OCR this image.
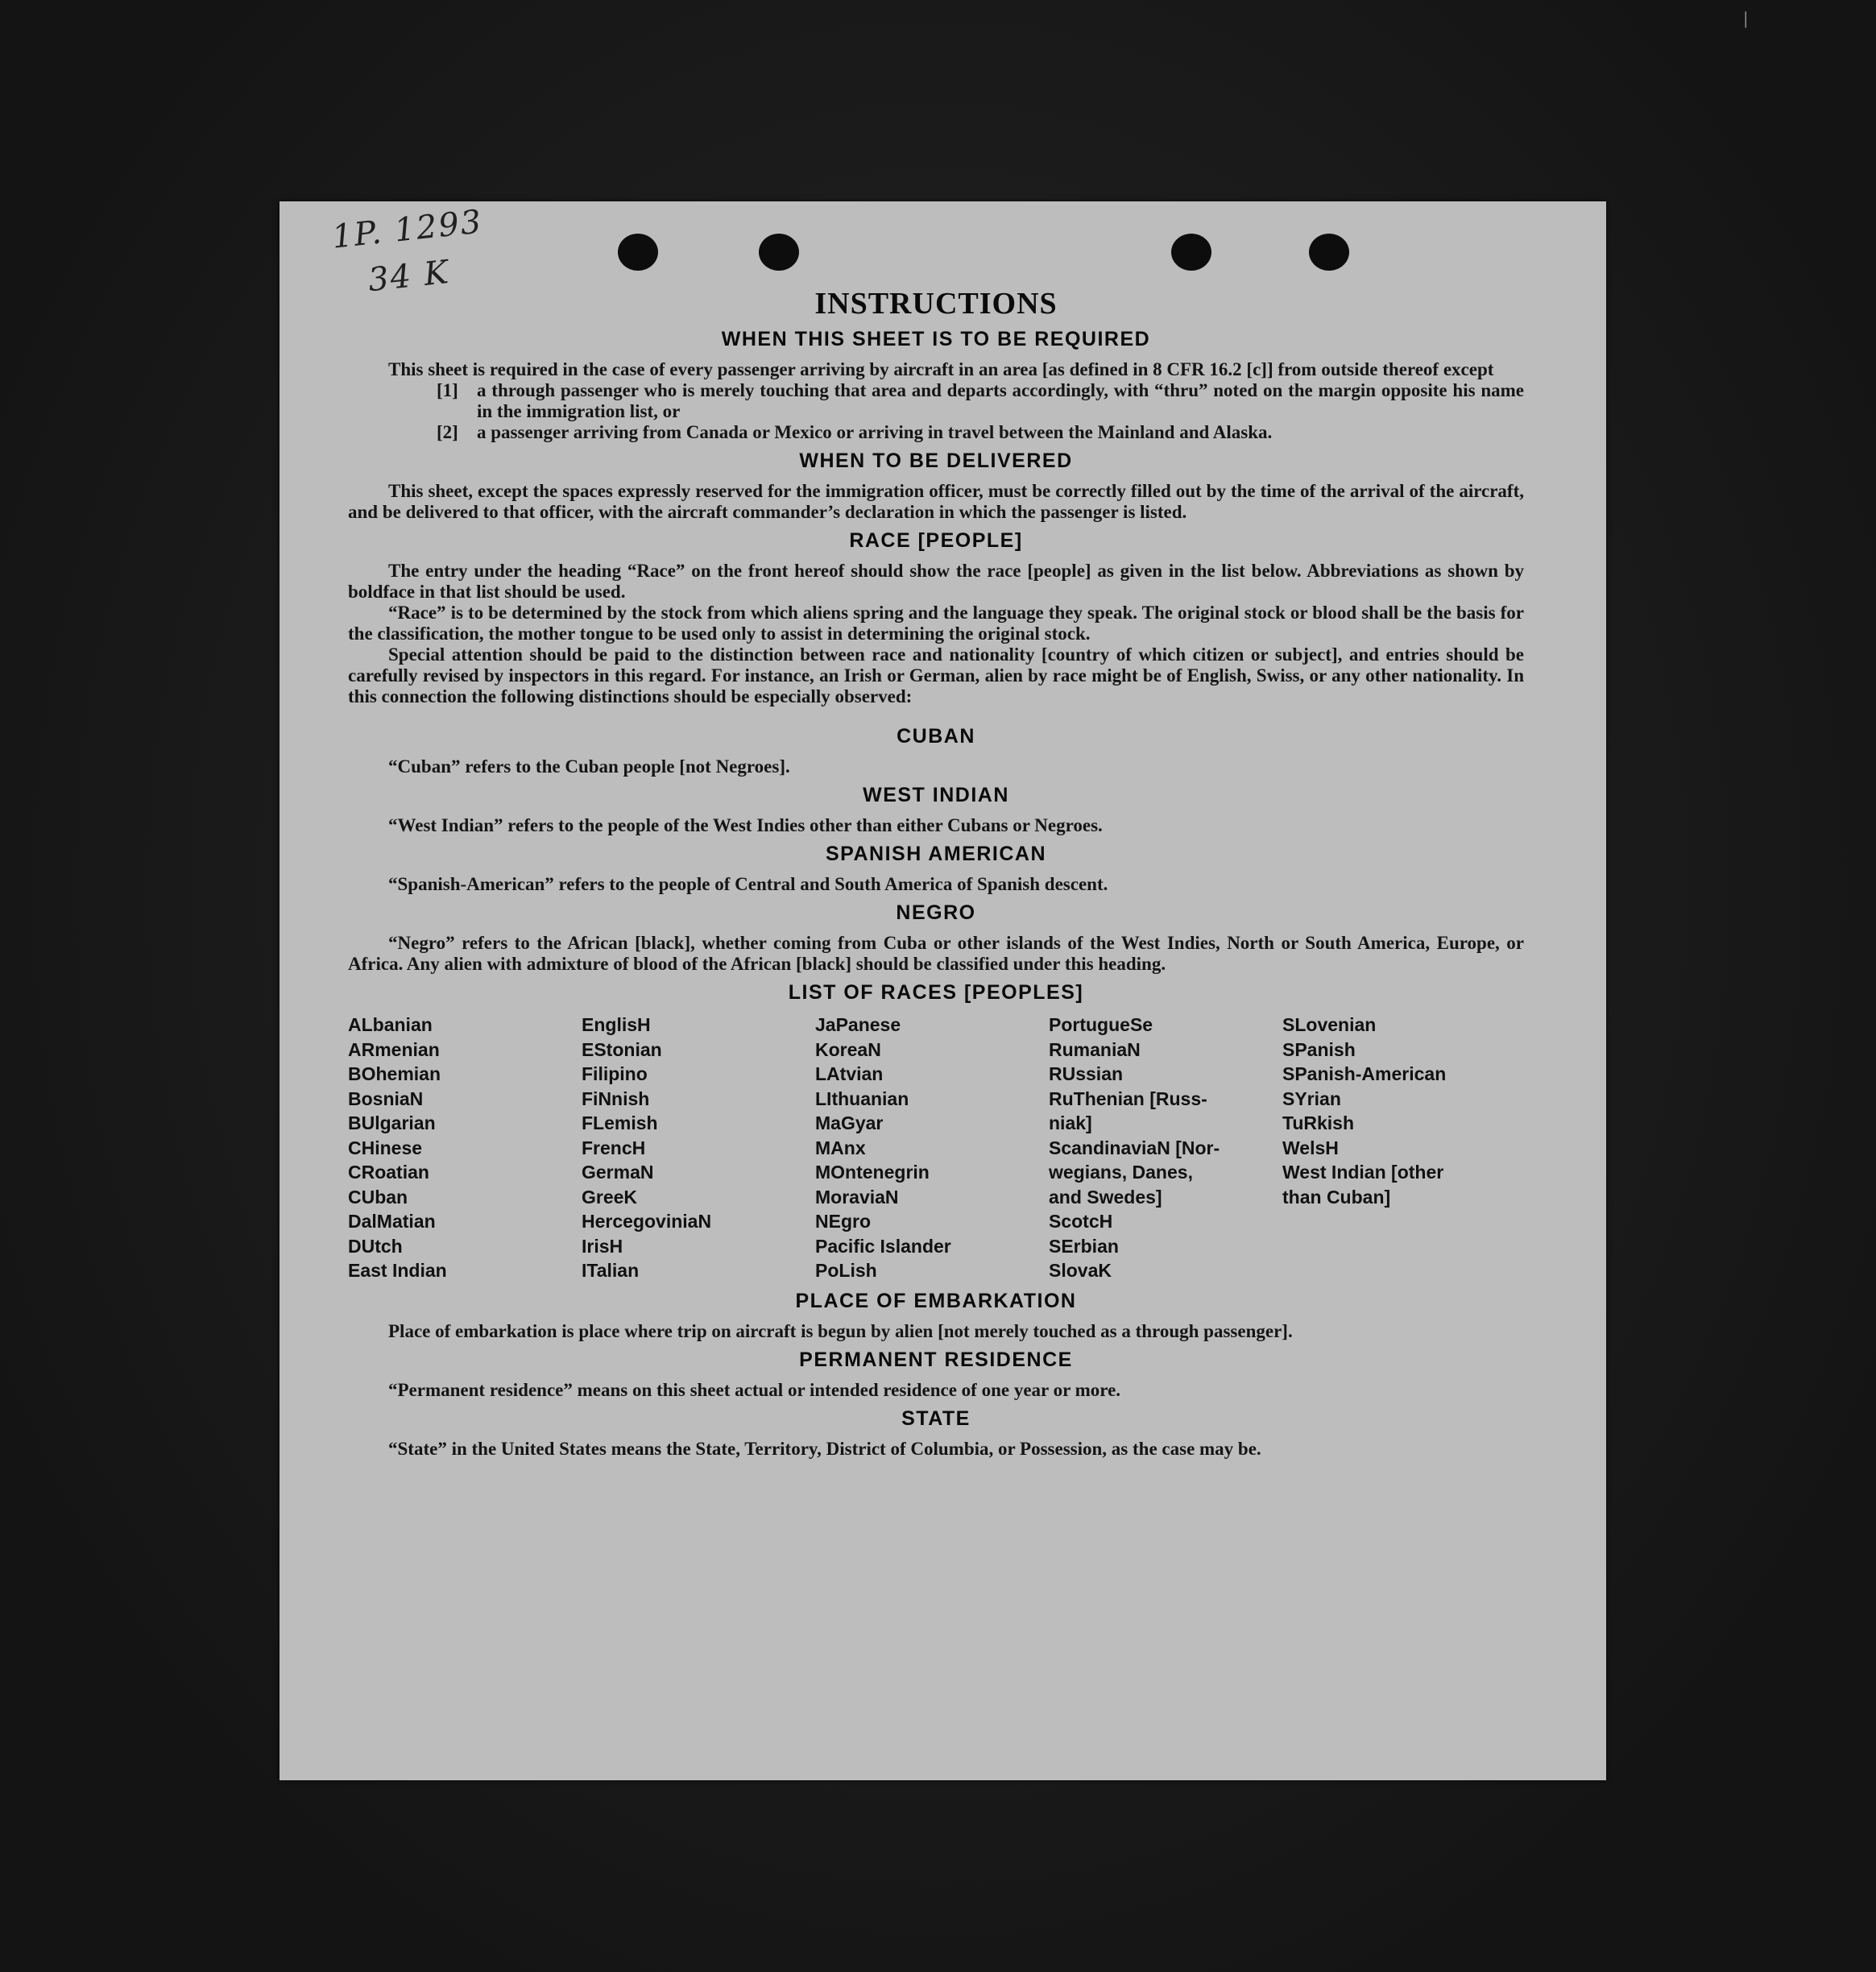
|
1P. 1293
34 K
INSTRUCTIONS
WHEN THIS SHEET IS TO BE REQUIRED

This sheet is required in the case of every passenger arriving by aircraft in an area [as defined in 8 CFR 16.2 [c]] from outside thereof except

[1]	a through passenger who is merely touching that area and departs accordingly, with “thru” noted on the margin opposite his name in the immigration list, or
[2]	a passenger arriving from Canada or Mexico or arriving in travel between the Mainland and Alaska.
WHEN TO BE DELIVERED

This sheet, except the spaces expressly reserved for the immigration officer, must be correctly filled out by the time of the arrival of the aircraft, and be delivered to that officer, with the aircraft commander’s declaration in which the passenger is listed.

RACE [PEOPLE]

The entry under the heading “Race” on the front hereof should show the race [people] as given in the list below. Abbreviations as shown by boldface in that list should be used.

“Race” is to be determined by the stock from which aliens spring and the language they speak. The original stock or blood shall be the basis for the classification, the mother tongue to be used only to assist in determining the original stock.

Special attention should be paid to the distinction between race and nationality [country of which citizen or subject], and entries should be carefully revised by inspectors in this regard. For instance, an Irish or German, alien by race might be of English, Swiss, or any other nationality. In this connection the following distinctions should be especially observed:

CUBAN

“Cuban” refers to the Cuban people [not Negroes].

WEST INDIAN

“West Indian” refers to the people of the West Indies other than either Cubans or Negroes.

SPANISH AMERICAN

“Spanish-American” refers to the people of Central and South America of Spanish descent.

NEGRO

“Negro” refers to the African [black], whether coming from Cuba or other islands of the West Indies, North or South America, Europe, or Africa. Any alien with admixture of blood of the African [black] should be classified under this heading.

LIST OF RACES [PEOPLES]
ALbanian
ARmenian
BOhemian
BosniaN
BUlgarian
CHinese
CRoatian
CUban
DalMatian
DUtch
East Indian
EnglisH
EStonian
Filipino
FiNnish
FLemish
FrencH
GermaN
GreeK
HercegoviniaN
IrisH
ITalian
JaPanese
KoreaN
LAtvian
LIthuanian
MaGyar
MAnx
MOntenegrin
MoraviaN
NEgro
Pacific Islander
PoLish
PortugueSe
RumaniaN
RUssian
RuThenian [Russ-
niak]
ScandinaviaN [Nor-
wegians, Danes,
and Swedes]
ScotcH
SErbian
SlovaK
SLovenian
SPanish
SPanish-American
SYrian
TuRkish
WelsH
West Indian [other
than Cuban]
PLACE OF EMBARKATION

Place of embarkation is place where trip on aircraft is begun by alien [not merely touched as a through passenger].

PERMANENT RESIDENCE

“Permanent residence” means on this sheet actual or intended residence of one year or more.

STATE

“State” in the United States means the State, Territory, District of Columbia, or Possession, as the case may be.
